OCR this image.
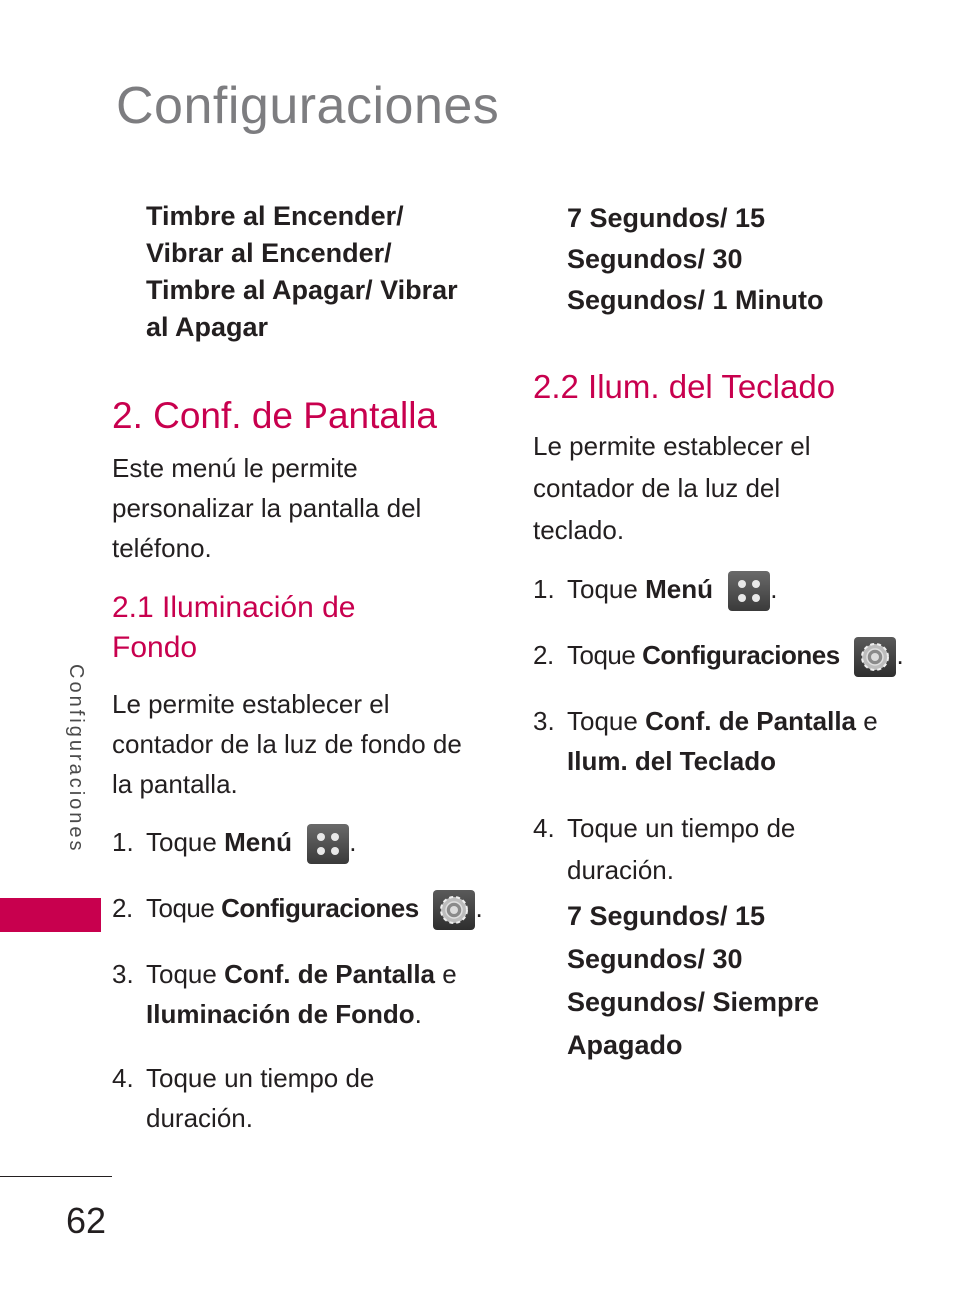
Configuraciones
Configuraciones
62
Timbre al Encender/ Vibrar al Encender/ Timbre al Apagar/ Vibrar al Apagar
2. Conf. de Pantalla
Este menú le permite personalizar la pantalla del teléfono.
2.1 Iluminación de Fondo
Le permite establecer el contador de la luz de fondo de la pantalla.
1. Toque Menú .
2. Toque Configuraciones .
3. Toque Conf. de Pantalla e Iluminación de Fondo.
4. Toque un tiempo de duración.
7 Segundos/ 15 Segundos/ 30 Segundos/ 1 Minuto
2.2 Ilum. del Teclado
Le permite establecer el contador de la luz del teclado.
1. Toque Menú .
2. Toque Configuraciones .
3. Toque Conf. de Pantalla e Ilum. del Teclado
4. Toque un tiempo de duración.
7 Segundos/ 15 Segundos/ 30 Segundos/ Siempre Apagado
